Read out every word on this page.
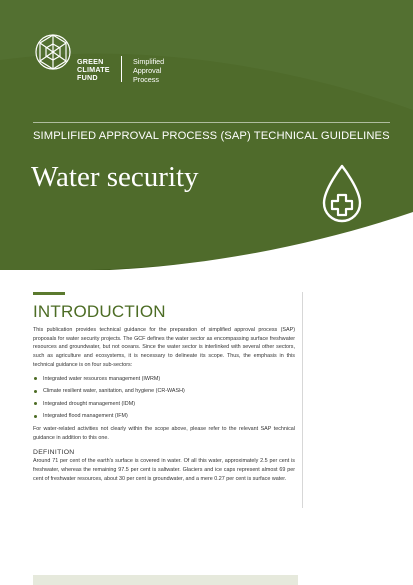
GREEN
CLIMATE
FUND
Simplified
Approval
Process
SIMPLIFIED APPROVAL PROCESS (SAP) TECHNICAL GUIDELINES
Water security
INTRODUCTION

This publication provides technical guidance for the preparation of simplified approval process (SAP) proposals for water security projects. The GCF defines the water sector as encompassing surface freshwater resources and groundwater, but not oceans. Since the water sector is interlinked with several other sectors, such as agriculture and ecosystems, it is necessary to delineate its scope. Thus, the emphasis in this technical guidance is on four sub-sectors:

Integrated water resources management (IWRM)
Climate resilient water, sanitation, and hygiene (CR-WASH)
Integrated drought management (IDM)
Integrated flood management (IFM)

For water-related activities not clearly within the scope above, please refer to the relevant SAP technical guidance in addition to this one.

DEFINITION

Around 71 per cent of the earth's surface is covered in water. Of all this water, approximately 2.5 per cent is freshwater, whereas the remaining 97.5 per cent is saltwater. Glaciers and ice caps represent almost 69 per cent of freshwater resources, about 30 per cent is groundwater, and a mere 0.27 per cent is surface water.
